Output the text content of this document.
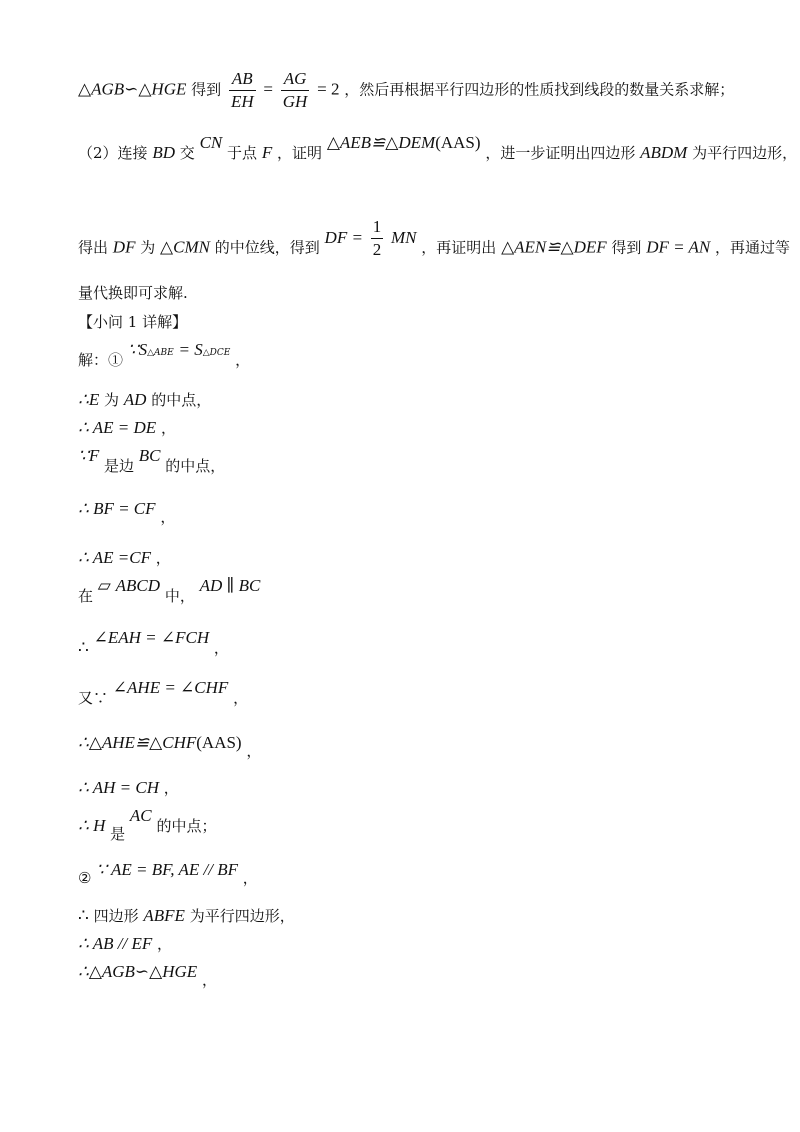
△AGB∽△HGE 得到 $\frac{AB}{EH} = \frac{AG}{GH} = 2$ ，然后再根据平行四边形的性质找到线段的数量关系求解；
（2）连接 BD 交 CN 于点 F ，证明 △AEB≌△DEM(AAS) ，进一步证明出四边形 ABDM 为平行四边形，
得出 DF 为 △CMN 的中位线，得到 DF = $\frac{1}{2}$ MN ，再证明出 △AEN≌△DEF 得到 DF = AN ，再通过等
量代换即可求解.
【小问 1 详解】
解：① $\because S^{\triangle ABE} = S^{\triangle DCE}$ ，
∴E 为 AD 的中点，
∴ AE = DE ，
∵F 是边 BC 的中点，
∴ BF = CF ，
∴ AE =CF ，
在 ▱ ABCD 中， AD ∥ BC
∴ ∠EAH = ∠FCH ，
又∵ ∠AHE = ∠CHF ，
∴△AHE≌△CHF(AAS) ，
∴ AH = CH ，
∴ H 是 AC 的中点；
② ∵ AE = BF, AE // BF ，
∴ 四边形 ABFE 为平行四边形，
∴ AB // EF ，
∴△AGB∽△HGE ，
